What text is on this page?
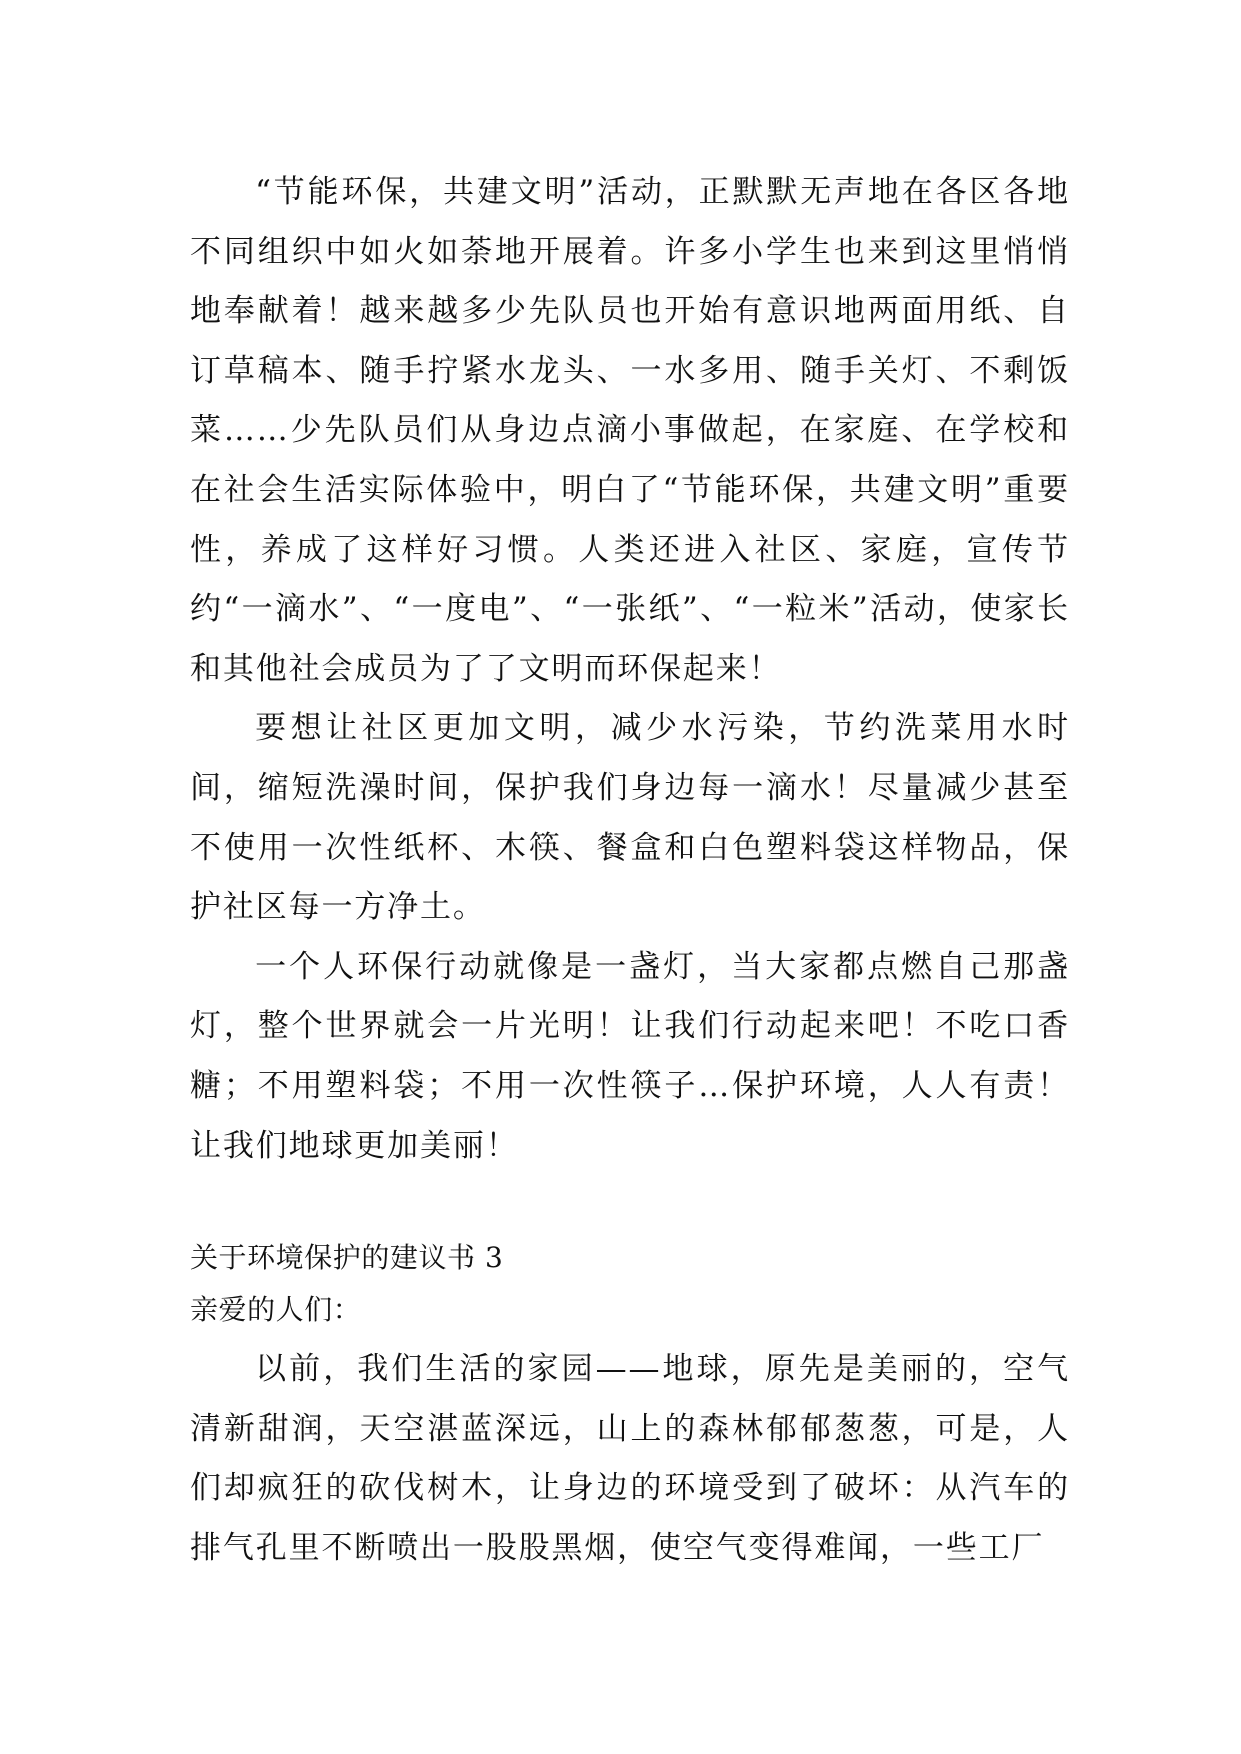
“节能环保，共建文明”活动，正默默无声地在各区各地不同组织中如火如荼地开展着。许多小学生也来到这里悄悄地奉献着！越来越多少先队员也开始有意识地两面用纸、自订草稿本、随手拧紧水龙头、一水多用、随手关灯、不剩饭菜……少先队员们从身边点滴小事做起，在家庭、在学校和在社会生活实际体验中，明白了“节能环保，共建文明”重要性，养成了这样好习惯。人类还进入社区、家庭，宣传节约“一滴水”、“一度电”、“一张纸”、“一粒米”活动，使家长和其他社会成员为了了文明而环保起来！

要想让社区更加文明，减少水污染，节约洗菜用水时间，缩短洗澡时间，保护我们身边每一滴水！尽量减少甚至不使用一次性纸杯、木筷、餐盒和白色塑料袋这样物品，保护社区每一方净土。

一个人环保行动就像是一盏灯，当大家都点燃自己那盏灯，整个世界就会一片光明！让我们行动起来吧！不吃口香糖；不用塑料袋；不用一次性筷子…保护环境，人人有责！让我们地球更加美丽！

关于环境保护的建议书 3

亲爱的人们：

以前，我们生活的家园——地球，原先是美丽的，空气清新甜润，天空湛蓝深远，山上的森林郁郁葱葱，可是，人们却疯狂的砍伐树木，让身边的环境受到了破坏：从汽车的排气孔里不断喷出一股股黑烟，使空气变得难闻，一些工厂
